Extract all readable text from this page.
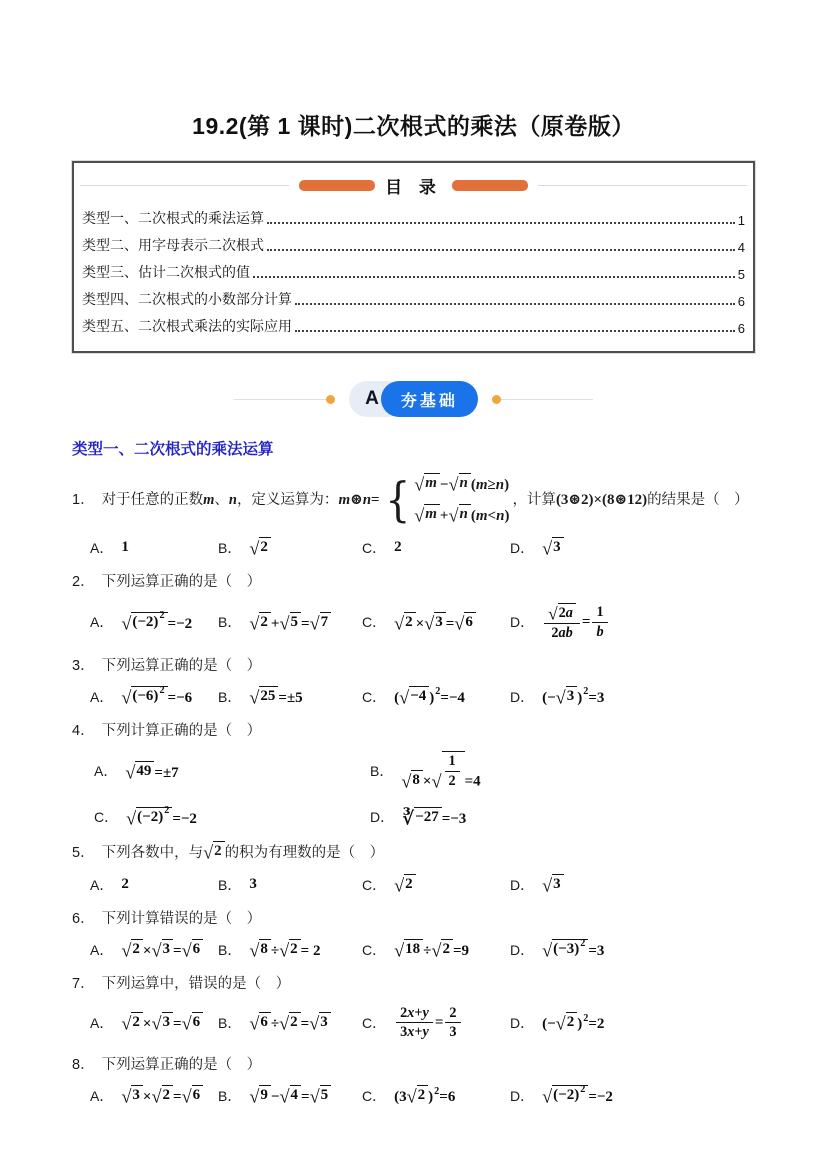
19.2(第 1 课时)二次根式的乘法（原卷版）
目 录
类型一、二次根式的乘法运算	1
类型二、用字母表示二次根式	4
类型三、估计二次根式的值	5
类型四、二次根式的小数部分计算	6
类型五、二次根式乘法的实际应用	6
A	夯基础
类型一、二次根式的乘法运算
1． 对于任意的正数m、n，定义运算为：m⊛n= { √ m − √ n (m≥n)
√ m + √ n (m<n)
，计算(3⊛2)×(8⊛12)的结果是（　）
A． 1	B． √ 2	C． 2	D． √ 3
2． 下列运算正确的是（　）
A． √ $(-2)^2 =-2$ B． √ 2 + √ 5 = √ 7 C． √ 2 × √ 3 = √ 6	D． $\frac{√ 2a}{2ab} = \frac{1}{b}$
3． 下列运算正确的是（　）
A． √ $(-6)^2 =-6$ B． √ 25 =±5	C． ( √ −4 )$^2$=−4	D． (− √ 3 )$^2$=3
4． 下列计算正确的是（　）
A． √ 49 =±7	B．
√ 8 × √ $\frac{1}{2} =4$
C． √ $(-2)^2 =-2$	D． ∛ −27 =−3
5． 下列各数中，与 √ 2 的积为有理数的是（　）
A． 2	B． 3	C． √ 2	D． √ 3
6． 下列计算错误的是（　）
A． √ 2 × √ 3 = √ 6 B． √ 8 ÷ √ 2 = 2	C． √ 18 ÷ √ 2 =9	D． √ $(-3)^2 =3$
7． 下列运算中，错误的是（　）
A． √ 2 × √ 3 = √ 6 B． √ 6 ÷ √ 2 = √ 3 C． $\frac{2x+y}{3x+y} = \frac{2}{3}$	D． (− √ 2 )$^2$=2
8． 下列运算正确的是（　）
A． √ 3 × √ 2 = √ 6 B． √ 9 − √ 4 = √ 5 C． (3 √ 2 )$^2$=6	D． √ $(-2)^2 =-2$
